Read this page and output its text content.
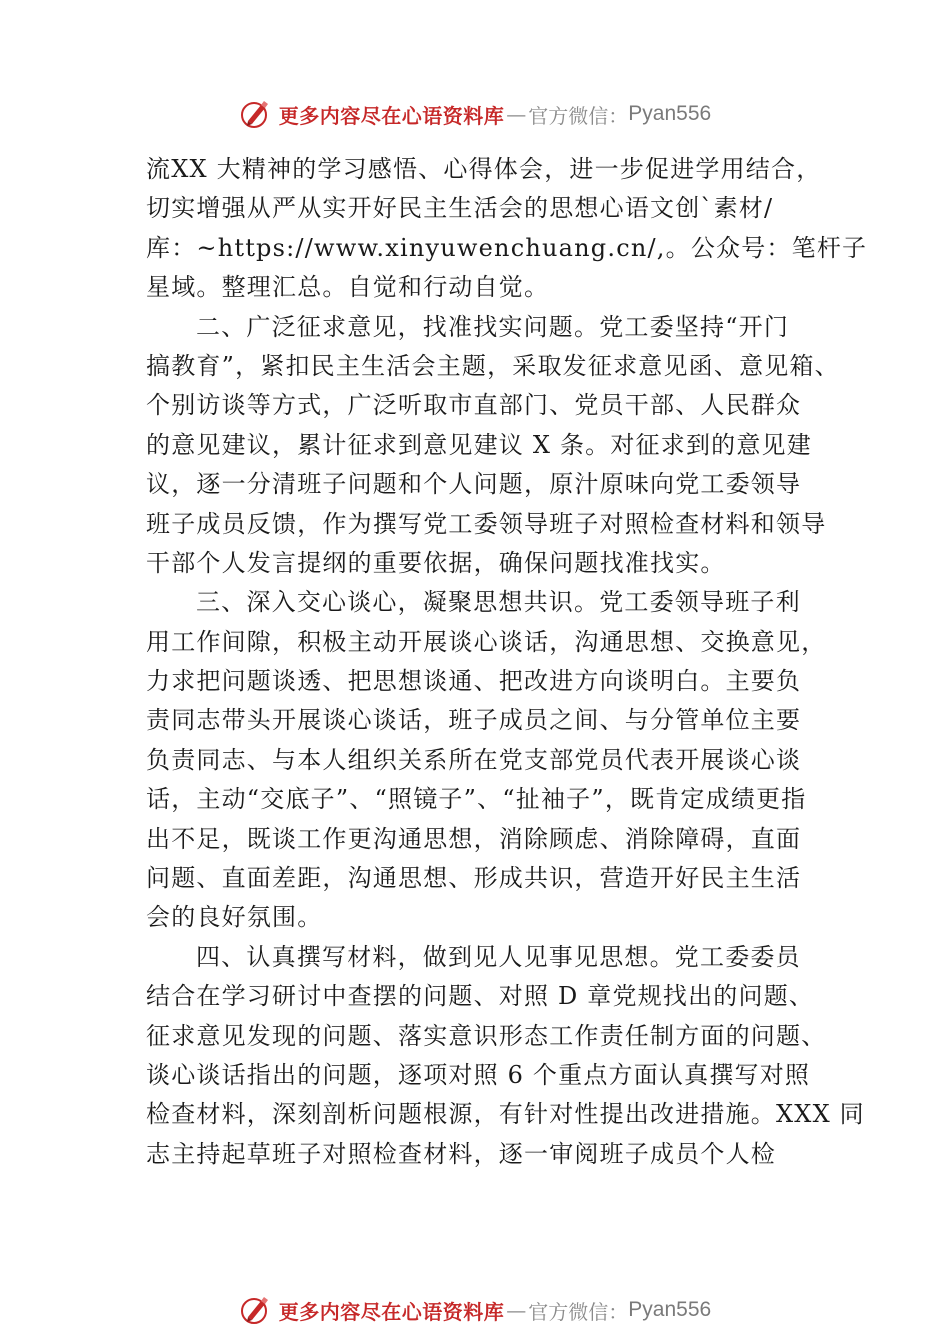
更多内容尽在心语资料库 — 官方微信： Pyan556
流XX 大精神的学习感悟、心得体会，进一步促进学用结合，
切实增强从严从实开好民主生活会的思想心语文创`素材/
库：~https://www.xinyuwenchuang.cn/,。公众号：笔杆子
星域。整理汇总。自觉和行动自觉。
二、广泛征求意见，找准找实问题。党工委坚持“开门
搞教育”，紧扣民主生活会主题，采取发征求意见函、意见箱、
个别访谈等方式，广泛听取市直部门、党员干部、人民群众
的意见建议，累计征求到意见建议 X 条。对征求到的意见建
议，逐一分清班子问题和个人问题，原汁原味向党工委领导
班子成员反馈，作为撰写党工委领导班子对照检查材料和领导
干部个人发言提纲的重要依据，确保问题找准找实。
三、深入交心谈心，凝聚思想共识。党工委领导班子利
用工作间隙，积极主动开展谈心谈话，沟通思想、交换意见，
力求把问题谈透、把思想谈通、把改进方向谈明白。主要负
责同志带头开展谈心谈话，班子成员之间、与分管单位主要
负责同志、与本人组织关系所在党支部党员代表开展谈心谈
话，主动“交底子”、“照镜子”、“扯袖子”，既肯定成绩更指
出不足，既谈工作更沟通思想，消除顾虑、消除障碍，直面
问题、直面差距，沟通思想、形成共识，营造开好民主生活
会的良好氛围。
四、认真撰写材料，做到见人见事见思想。党工委委员
结合在学习研讨中查摆的问题、对照 D 章党规找出的问题、
征求意见发现的问题、落实意识形态工作责任制方面的问题、
谈心谈话指出的问题，逐项对照 6 个重点方面认真撰写对照
检查材料，深刻剖析问题根源，有针对性提出改进措施。XXX 同
志主持起草班子对照检查材料，逐一审阅班子成员个人检
更多内容尽在心语资料库 — 官方微信： Pyan556
